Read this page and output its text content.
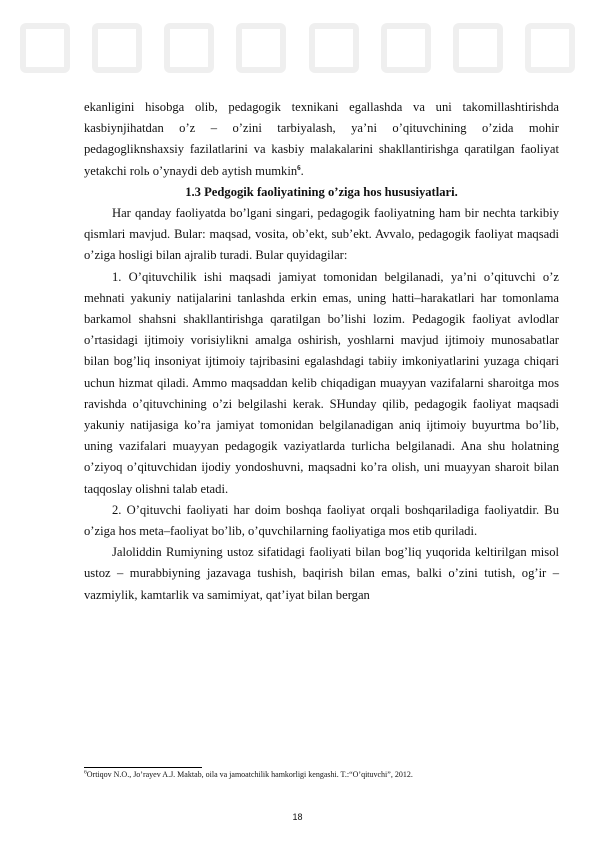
ekanligini hisobga olib, pedagogik texnikani egallashda va uni takomillashtirishda kasbiynjihatdan o’z – o’zini tarbiyalash, ya’ni o’qituvchining o’zida mohir pedagogliknshaxsiy fazilatlarini va kasbiy malakalarini shakllantirishga qaratilgan faoliyat yetakchi rolь o’ynaydi deb aytish mumkin$^6$.

1.3 Pedgogik faoliyatining o’ziga hos hususiyatlari.

Har qanday faoliyatda bo’lgani singari, pedagogik faoliyatning ham bir nechta tarkibiy qismlari mavjud. Bular: maqsad, vosita, ob’ekt, sub’ekt. Avvalo, pedagogik faoliyat maqsadi o’ziga hosligi bilan ajralib turadi. Bular quyidagilar:

1. O’qituvchilik ishi maqsadi jamiyat tomonidan belgilanadi, ya’ni o’qituvchi o’z mehnati yakuniy natijalarini tanlashda erkin emas, uning hatti–harakatlari har tomonlama barkamol shahsni shakllantirishga qaratilgan bo’lishi lozim. Pedagogik faoliyat avlodlar o’rtasidagi ijtimoiy vorisiylikni amalga oshirish, yoshlarni mavjud ijtimoiy munosabatlar bilan bog’liq insoniyat ijtimoiy tajribasini egalashdagi tabiiy imkoniyatlarini yuzaga chiqari uchun hizmat qiladi. Ammo maqsaddan kelib chiqadigan muayyan vazifalarni sharoitga mos ravishda o’qituvchining o’zi belgilashi kerak. SHunday qilib, pedagogik faoliyat maqsadi yakuniy natijasiga ko’ra jamiyat tomonidan belgilanadigan aniq ijtimoiy buyurtma bo’lib, uning vazifalari muayyan pedagogik vaziyatlarda turlicha belgilanadi. Ana shu holatning o’ziyoq o’qituvchidan ijodiy yondoshuvni, maqsadni ko’ra olish, uni muayyan sharoit bilan taqqoslay olishni talab etadi.

2. O’qituvchi faoliyati har doim boshqa faoliyat orqali boshqariladiga faoliyatdir. Bu o’ziga hos meta–faoliyat bo’lib, o’quvchilarning faoliyatiga mos etib quriladi.

Jaloliddin Rumiyning ustoz sifatidagi faoliyati bilan bog’liq yuqorida keltirilgan misol ustoz – murabbiyning jazavaga tushish, baqirish bilan emas, balki o’zini tutish, og’ir – vazmiylik, kamtarlik va samimiyat, qat’iyat bilan bergan

$^6$Ortiqov N.O., Jo’rayev A.J. Maktab, oila va jamoatchilik hamkorligi kengashi. T.:“O’qituvchi”, 2012.
18
